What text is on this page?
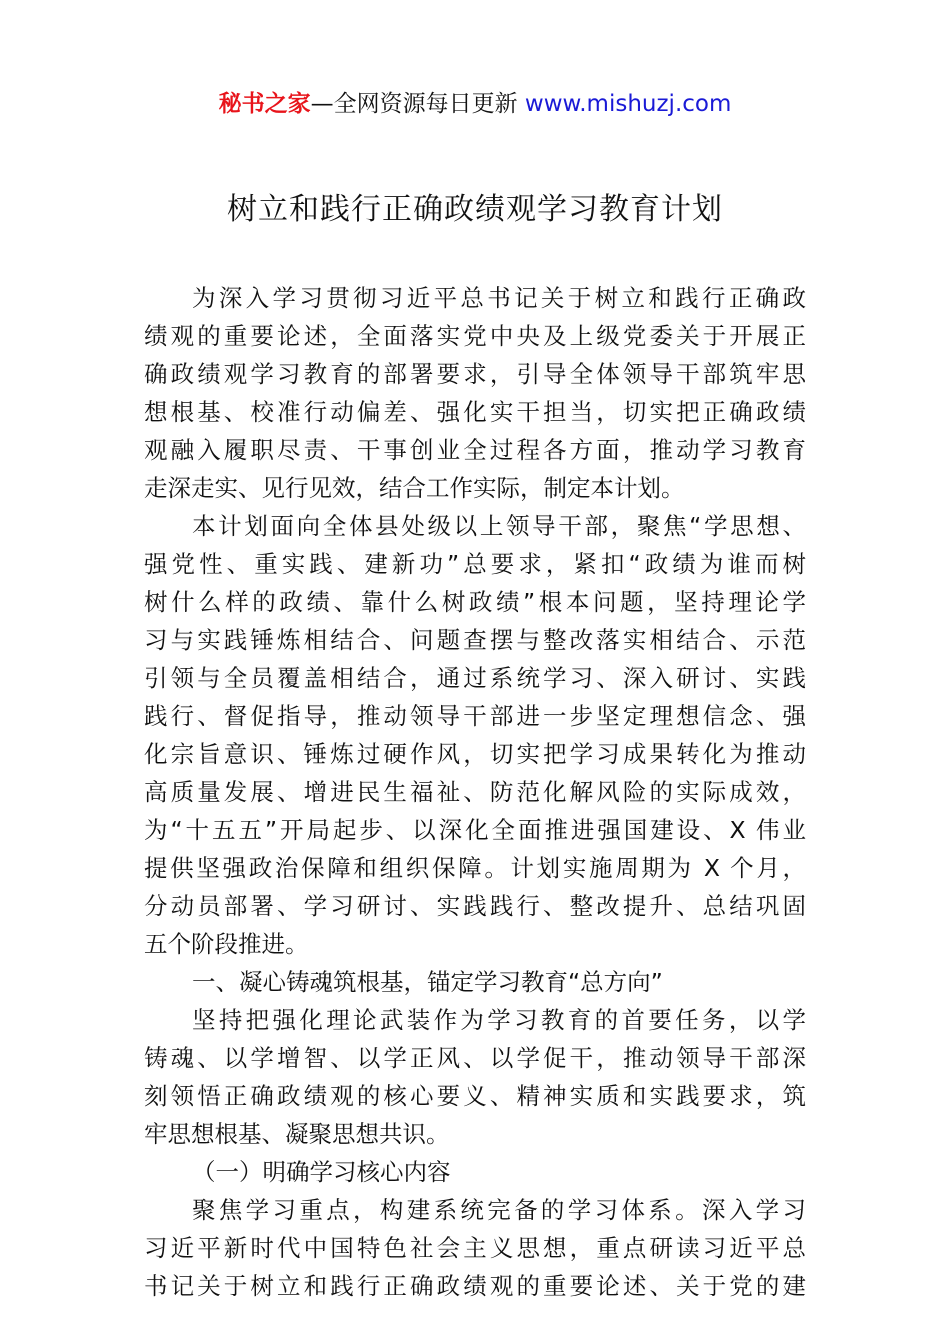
秘书之家—全网资源每日更新 www.mishuzj.com
树立和践行正确政绩观学习教育计划
为深入学习贯彻习近平总书记关于树立和践行正确政
绩观的重要论述，全面落实党中央及上级党委关于开展正
确政绩观学习教育的部署要求，引导全体领导干部筑牢思
想根基、校准行动偏差、强化实干担当，切实把正确政绩
观融入履职尽责、干事创业全过程各方面，推动学习教育
走深走实、见行见效，结合工作实际，制定本计划。
本计划面向全体县处级以上领导干部，聚焦“学思想、
强党性、重实践、建新功”总要求，紧扣“政绩为谁而树
树什么样的政绩、靠什么树政绩”根本问题，坚持理论学
习与实践锤炼相结合、问题查摆与整改落实相结合、示范
引领与全员覆盖相结合，通过系统学习、深入研讨、实践
践行、督促指导，推动领导干部进一步坚定理想信念、强
化宗旨意识、锤炼过硬作风，切实把学习成果转化为推动
高质量发展、增进民生福祉、防范化解风险的实际成效，
为“十五五”开局起步、以深化全面推进强国建设、X 伟业
提供坚强政治保障和组织保障。计划实施周期为 X 个月，
分动员部署、学习研讨、实践践行、整改提升、总结巩固
五个阶段推进。
一、凝心铸魂筑根基，锚定学习教育“总方向”
坚持把强化理论武装作为学习教育的首要任务，以学
铸魂、以学增智、以学正风、以学促干，推动领导干部深
刻领悟正确政绩观的核心要义、精神实质和实践要求，筑
牢思想根基、凝聚思想共识。
（一）明确学习核心内容
聚焦学习重点，构建系统完备的学习体系。深入学习
习近平新时代中国特色社会主义思想，重点研读习近平总
书记关于树立和践行正确政绩观的重要论述、关于党的建
